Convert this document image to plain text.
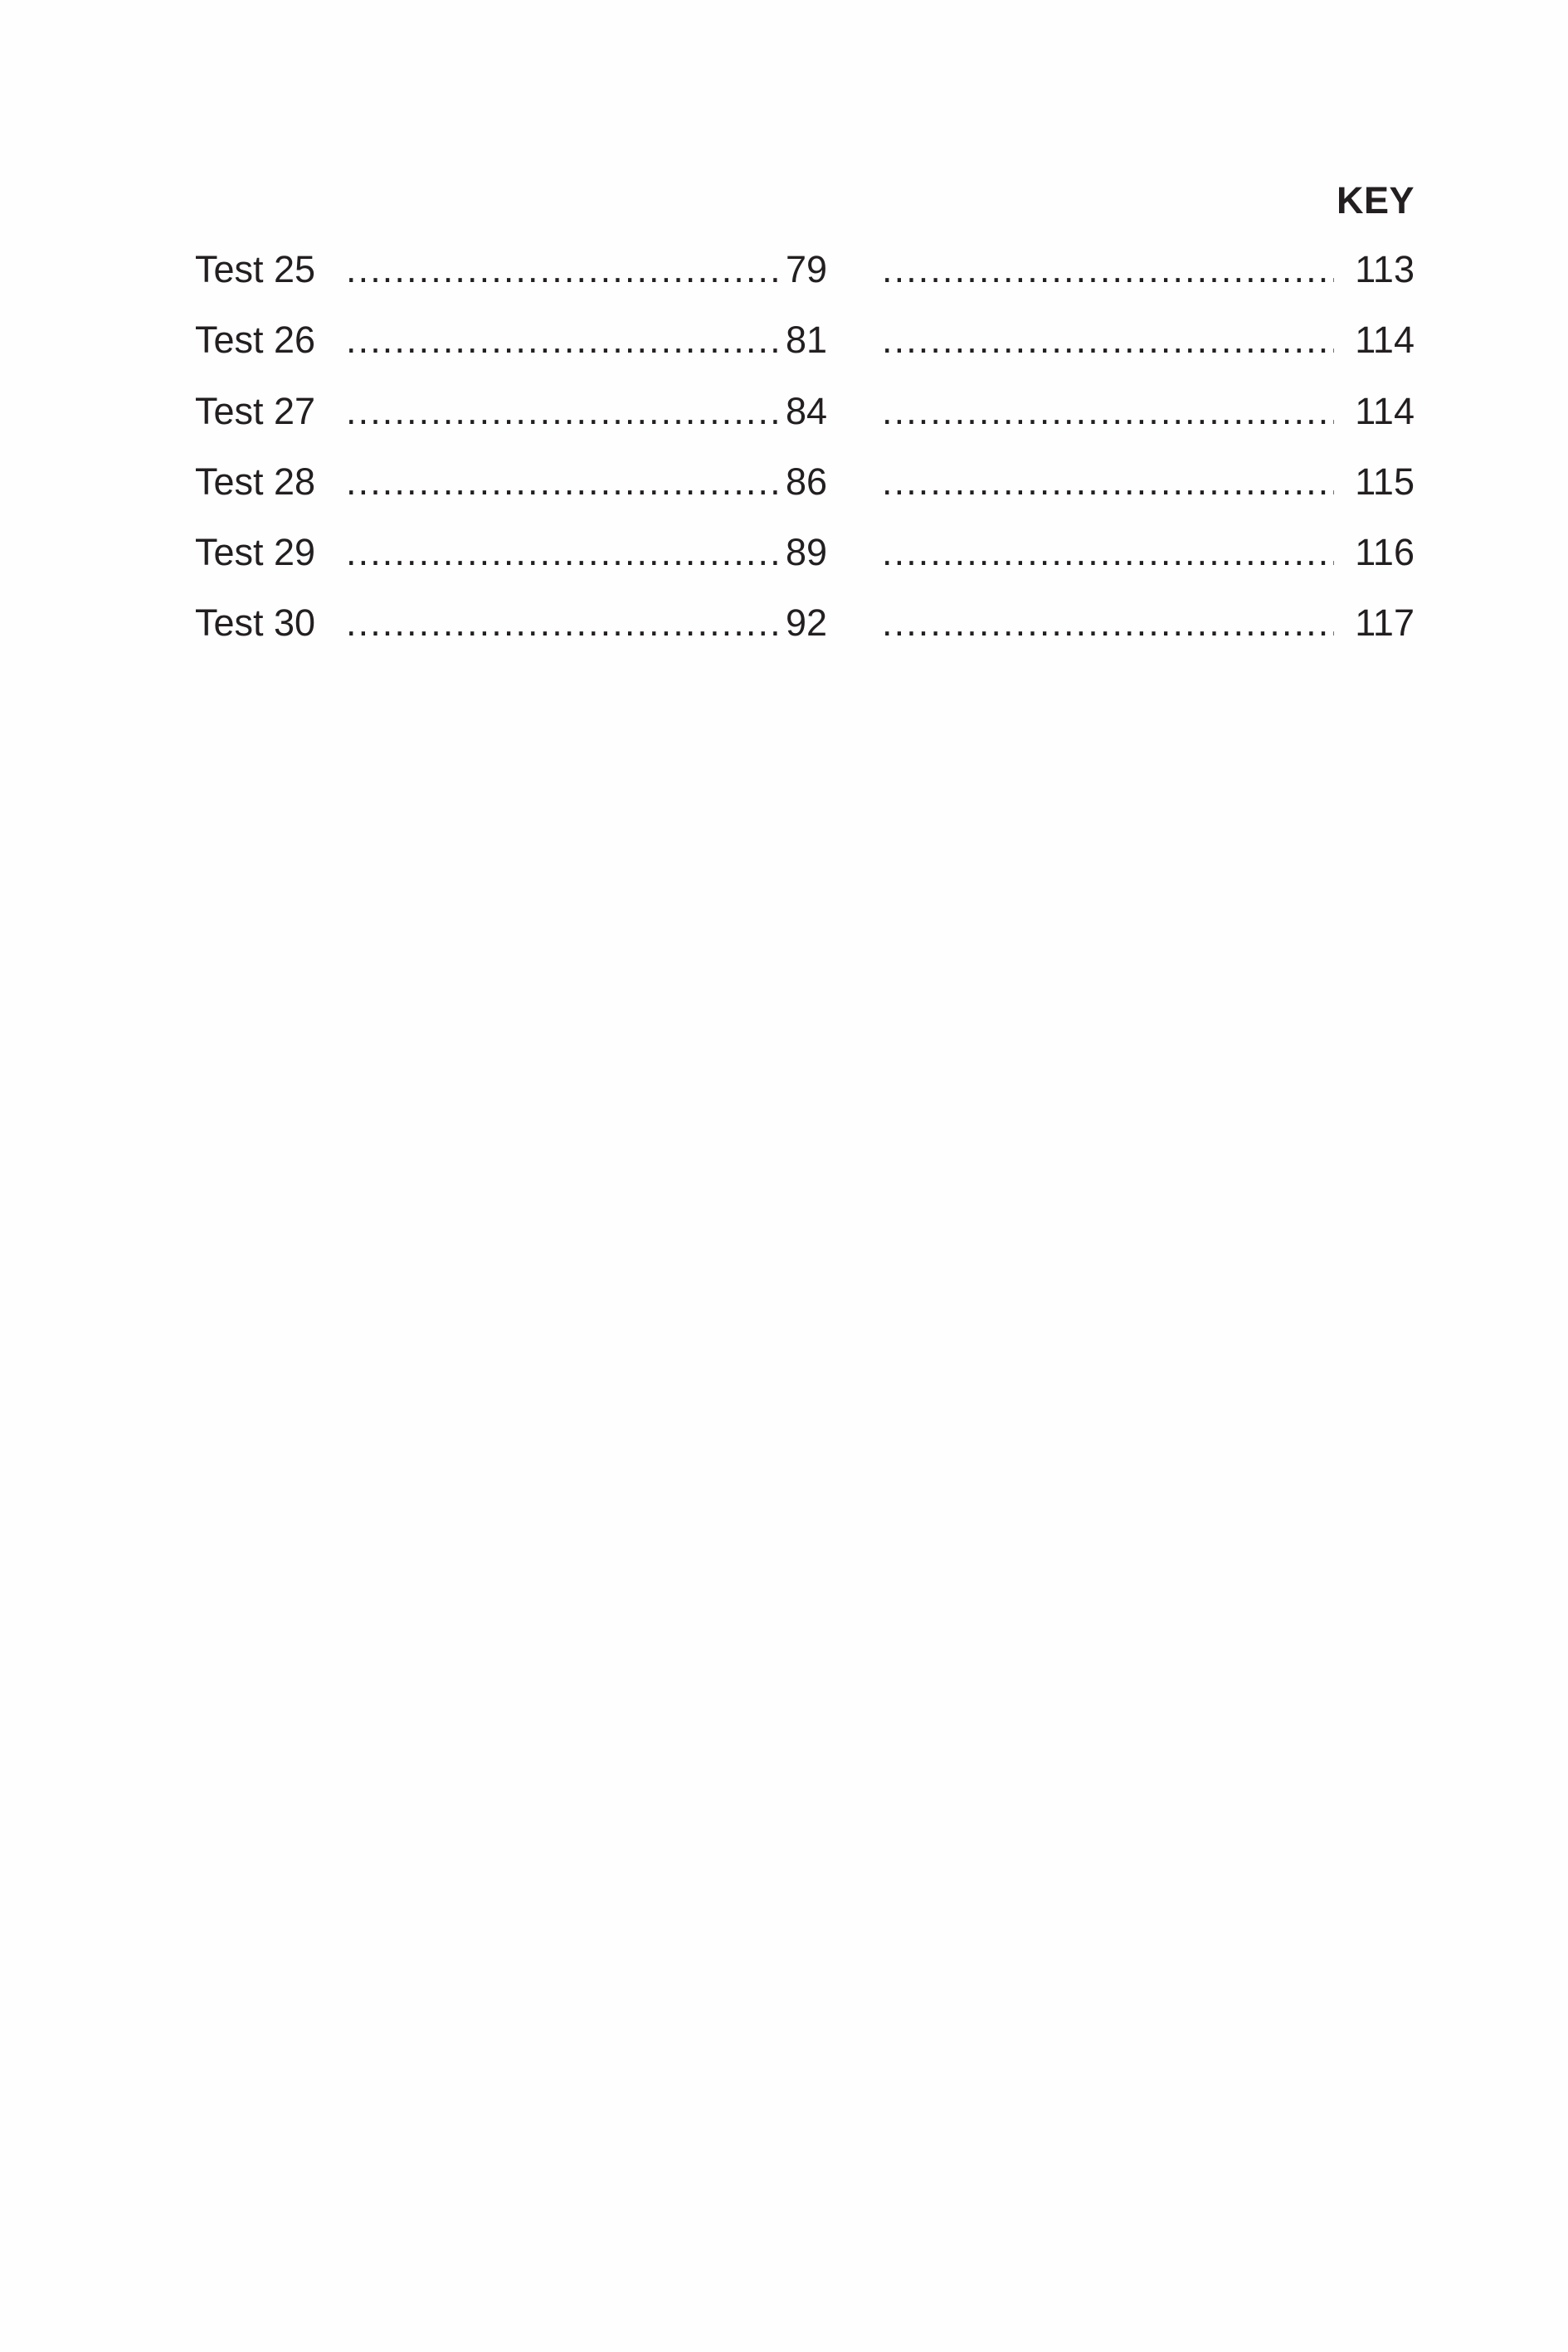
KEY
Test 25 .....	79 .....	113
Test 26 .....	81 .....	114
Test 27 .....	84 .....	114
Test 28 .....	86 .....	115
Test 29 .....	89 .....	116
Test 30 .....	92 .....	117
